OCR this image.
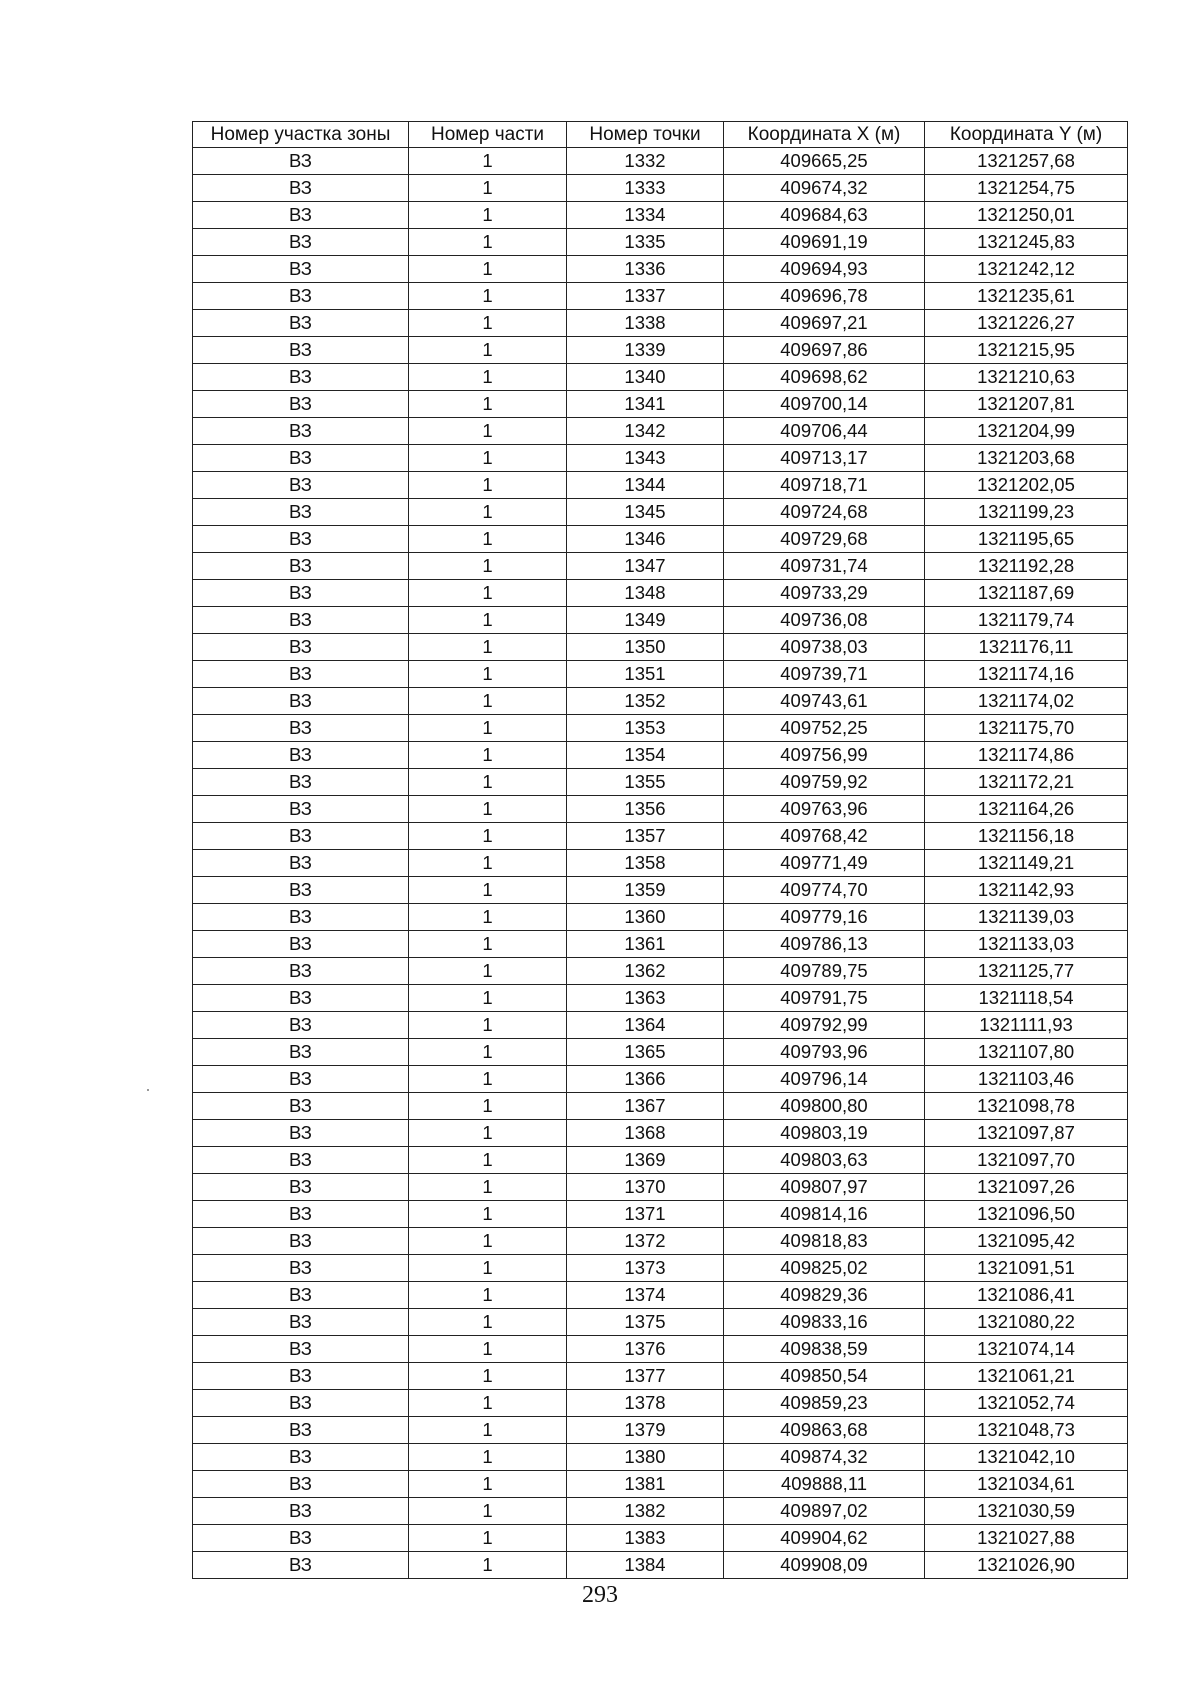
Номер участка зоны	Номер части	Номер точки	Координата X (м)	Координата Y (м)
ВЗ	1	1332	409665,25	1321257,68
ВЗ	1	1333	409674,32	1321254,75
ВЗ	1	1334	409684,63	1321250,01
ВЗ	1	1335	409691,19	1321245,83
ВЗ	1	1336	409694,93	1321242,12
ВЗ	1	1337	409696,78	1321235,61
ВЗ	1	1338	409697,21	1321226,27
ВЗ	1	1339	409697,86	1321215,95
ВЗ	1	1340	409698,62	1321210,63
ВЗ	1	1341	409700,14	1321207,81
ВЗ	1	1342	409706,44	1321204,99
ВЗ	1	1343	409713,17	1321203,68
ВЗ	1	1344	409718,71	1321202,05
ВЗ	1	1345	409724,68	1321199,23
ВЗ	1	1346	409729,68	1321195,65
ВЗ	1	1347	409731,74	1321192,28
ВЗ	1	1348	409733,29	1321187,69
ВЗ	1	1349	409736,08	1321179,74
ВЗ	1	1350	409738,03	1321176,11
ВЗ	1	1351	409739,71	1321174,16
ВЗ	1	1352	409743,61	1321174,02
ВЗ	1	1353	409752,25	1321175,70
ВЗ	1	1354	409756,99	1321174,86
ВЗ	1	1355	409759,92	1321172,21
ВЗ	1	1356	409763,96	1321164,26
ВЗ	1	1357	409768,42	1321156,18
ВЗ	1	1358	409771,49	1321149,21
ВЗ	1	1359	409774,70	1321142,93
ВЗ	1	1360	409779,16	1321139,03
ВЗ	1	1361	409786,13	1321133,03
ВЗ	1	1362	409789,75	1321125,77
ВЗ	1	1363	409791,75	1321118,54
ВЗ	1	1364	409792,99	1321111,93
ВЗ	1	1365	409793,96	1321107,80
ВЗ	1	1366	409796,14	1321103,46
ВЗ	1	1367	409800,80	1321098,78
ВЗ	1	1368	409803,19	1321097,87
ВЗ	1	1369	409803,63	1321097,70
ВЗ	1	1370	409807,97	1321097,26
ВЗ	1	1371	409814,16	1321096,50
ВЗ	1	1372	409818,83	1321095,42
ВЗ	1	1373	409825,02	1321091,51
ВЗ	1	1374	409829,36	1321086,41
ВЗ	1	1375	409833,16	1321080,22
ВЗ	1	1376	409838,59	1321074,14
ВЗ	1	1377	409850,54	1321061,21
ВЗ	1	1378	409859,23	1321052,74
ВЗ	1	1379	409863,68	1321048,73
ВЗ	1	1380	409874,32	1321042,10
ВЗ	1	1381	409888,11	1321034,61
ВЗ	1	1382	409897,02	1321030,59
ВЗ	1	1383	409904,62	1321027,88
ВЗ	1	1384	409908,09	1321026,90
293
